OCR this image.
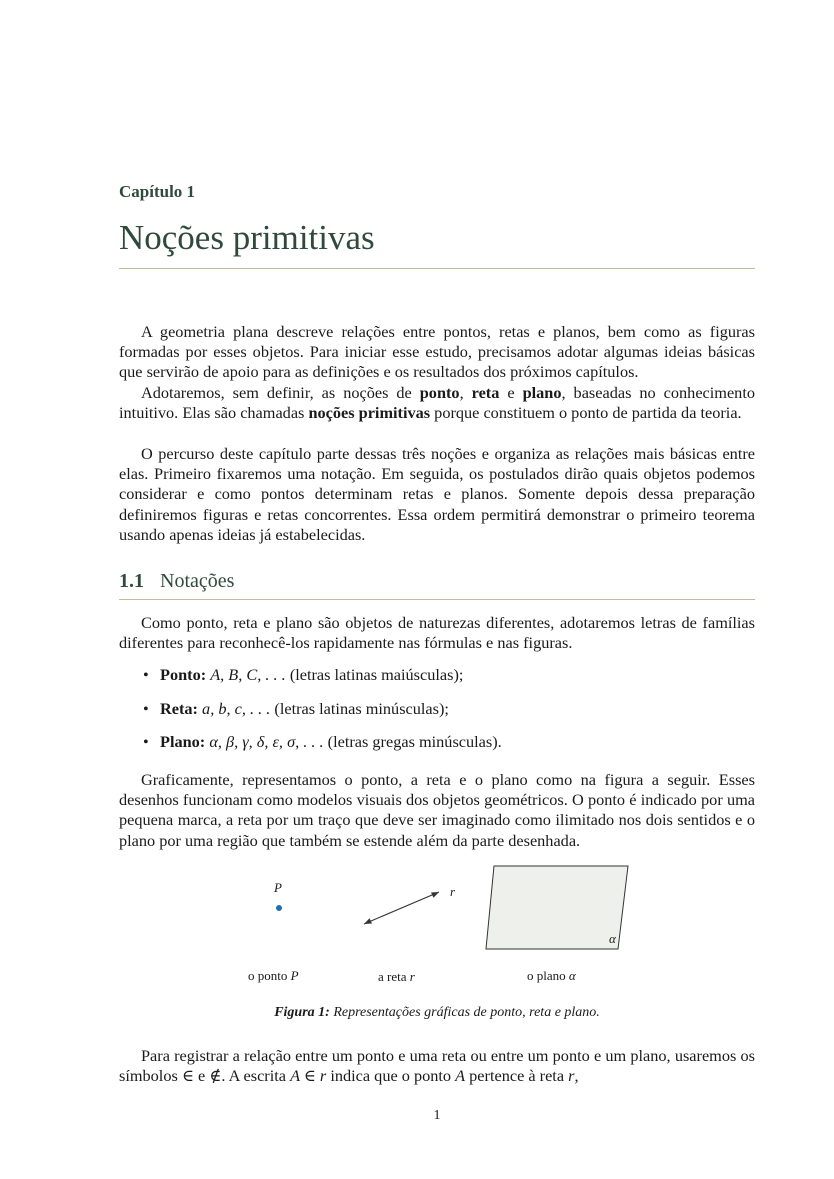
Capítulo 1
Noções primitivas

A geometria plana descreve relações entre pontos, retas e planos, bem como as figuras formadas por esses objetos. Para iniciar esse estudo, precisamos adotar algumas ideias básicas que servirão de apoio para as definições e os resultados dos próximos capítulos.

Adotaremos, sem definir, as noções de ponto, reta e plano, baseadas no conhecimento intuitivo. Elas são chamadas noções primitivas porque constituem o ponto de partida da teoria.

O percurso deste capítulo parte dessas três noções e organiza as relações mais básicas entre elas. Primeiro fixaremos uma notação. Em seguida, os postulados dirão quais objetos podemos considerar e como pontos determinam retas e planos. Somente depois dessa preparação definiremos figuras e retas concorrentes. Essa ordem permitirá demonstrar o primeiro teorema usando apenas ideias já estabelecidas.

1.1 Notações

Como ponto, reta e plano são objetos de naturezas diferentes, adotaremos letras de famílias diferentes para reconhecê-los rapidamente nas fórmulas e nas figuras.

• Ponto: A, B, C, . . . (letras latinas maiúsculas);
• Reta: a, b, c, . . . (letras latinas minúsculas);
• Plano: α, β, γ, δ, ε, σ, . . . (letras gregas minúsculas).

Graficamente, representamos o ponto, a reta e o plano como na figura a seguir. Esses desenhos funcionam como modelos visuais dos objetos geométricos. O ponto é indicado por uma pequena marca, a reta por um traço que deve ser imaginado como ilimitado nos dois sentidos e o plano por uma região que também se estende além da parte desenhada.

P	r
α
o ponto P	a reta r	o plano α
Figura 1: Representações gráficas de ponto, reta e plano.

Para registrar a relação entre um ponto e uma reta ou entre um ponto e um plano, usaremos os símbolos ∈ e ∉. A escrita A ∈ r indica que o ponto A pertence à reta r,

1
